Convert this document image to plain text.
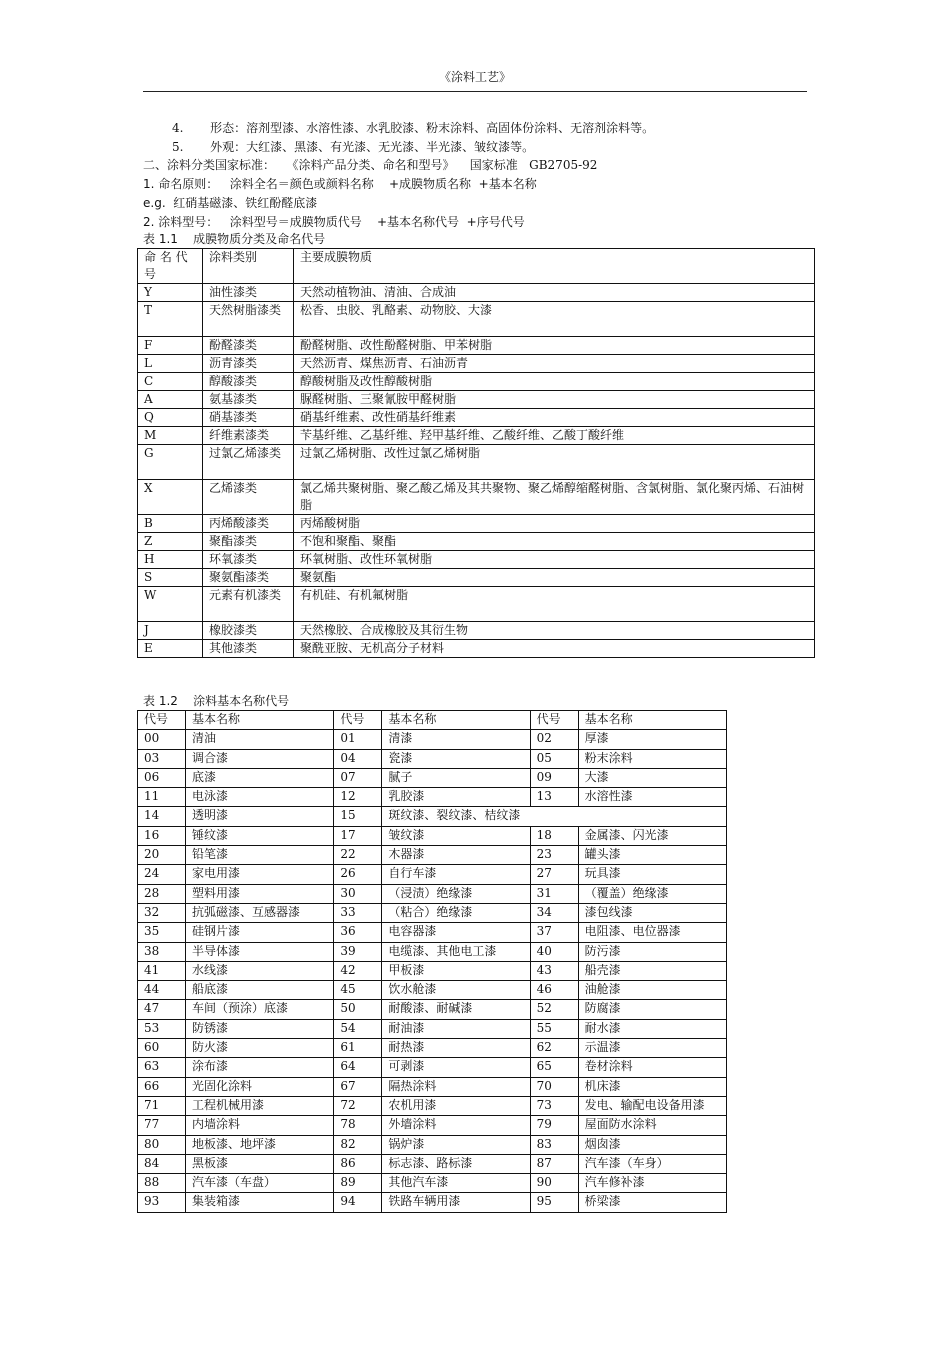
《涂料工艺》
4. 形态：溶剂型漆、水溶性漆、水乳胶漆、粉末涂料、高固体份涂料、无溶剂涂料等。
5. 外观：大红漆、黑漆、有光漆、无光漆、半光漆、皱纹漆等。
二、涂料分类国家标准：   《涂料产品分类、命名和型号》    国家标准   GB2705-92
1. 命名原则：   涂料全名＝颜色或颜料名称    +成膜物质名称  +基本名称
e.g.  红硝基磁漆、铁红酚醛底漆
2. 涂料型号：   涂料型号＝成膜物质代号    +基本名称代号  +序号代号
表 1.1    成膜物质分类及命名代号
命 名 代号	涂料类别	主要成膜物质
Y	油性漆类	天然动植物油、清油、合成油
T	天然树脂漆类	松香、虫胶、乳酪素、动物胶、大漆
F	酚醛漆类	酚醛树脂、改性酚醛树脂、甲苯树脂
L	沥青漆类	天然沥青、煤焦沥青、石油沥青
C	醇酸漆类	醇酸树脂及改性醇酸树脂
A	氨基漆类	脲醛树脂、三聚氰胺甲醛树脂
Q	硝基漆类	硝基纤维素、改性硝基纤维素
M	纤维素漆类	苄基纤维、乙基纤维、羟甲基纤维、乙酸纤维、乙酸丁酸纤维
G	过氯乙烯漆类	过氯乙烯树脂、改性过氯乙烯树脂
X	乙烯漆类	氯乙烯共聚树脂、聚乙酸乙烯及其共聚物、聚乙烯醇缩醛树脂、含氯树脂、氯化聚丙烯、石油树脂
B	丙烯酸漆类	丙烯酸树脂
Z	聚酯漆类	不饱和聚酯、聚酯
H	环氧漆类	环氧树脂、改性环氧树脂
S	聚氨酯漆类	聚氨酯
W	元素有机漆类	有机硅、有机氟树脂
J	橡胶漆类	天然橡胶、合成橡胶及其衍生物
E	其他漆类	聚酰亚胺、无机高分子材料
表 1.2    涂料基本名称代号
代号	基本名称	代号	基本名称	代号	基本名称
00	清油	01	清漆	02	厚漆
03	调合漆	04	瓷漆	05	粉末涂料
06	底漆	07	腻子	09	大漆
11	电泳漆	12	乳胶漆	13	水溶性漆
14	透明漆	15	斑纹漆、裂纹漆、桔纹漆		
16	锤纹漆	17	皱纹漆	18	金属漆、闪光漆
20	铅笔漆	22	木器漆	23	罐头漆
24	家电用漆	26	自行车漆	27	玩具漆
28	塑料用漆	30	（浸渍）绝缘漆	31	（覆盖）绝缘漆
32	抗弧磁漆、互感器漆	33	（粘合）绝缘漆	34	漆包线漆
35	硅钢片漆	36	电容器漆	37	电阻漆、电位器漆
38	半导体漆	39	电缆漆、其他电工漆	40	防污漆
41	水线漆	42	甲板漆	43	船壳漆
44	船底漆	45	饮水舱漆	46	油舱漆
47	车间（预涂）底漆	50	耐酸漆、耐碱漆	52	防腐漆
53	防锈漆	54	耐油漆	55	耐水漆
60	防火漆	61	耐热漆	62	示温漆
63	涂布漆	64	可剥漆	65	卷材涂料
66	光固化涂料	67	隔热涂料	70	机床漆
71	工程机械用漆	72	农机用漆	73	发电、输配电设备用漆
77	内墙涂料	78	外墙涂料	79	屋面防水涂料
80	地板漆、地坪漆	82	锅炉漆	83	烟囱漆
84	黑板漆	86	标志漆、路标漆	87	汽车漆（车身）
88	汽车漆（车盘）	89	其他汽车漆	90	汽车修补漆
93	集装箱漆	94	铁路车辆用漆	95	桥梁漆
